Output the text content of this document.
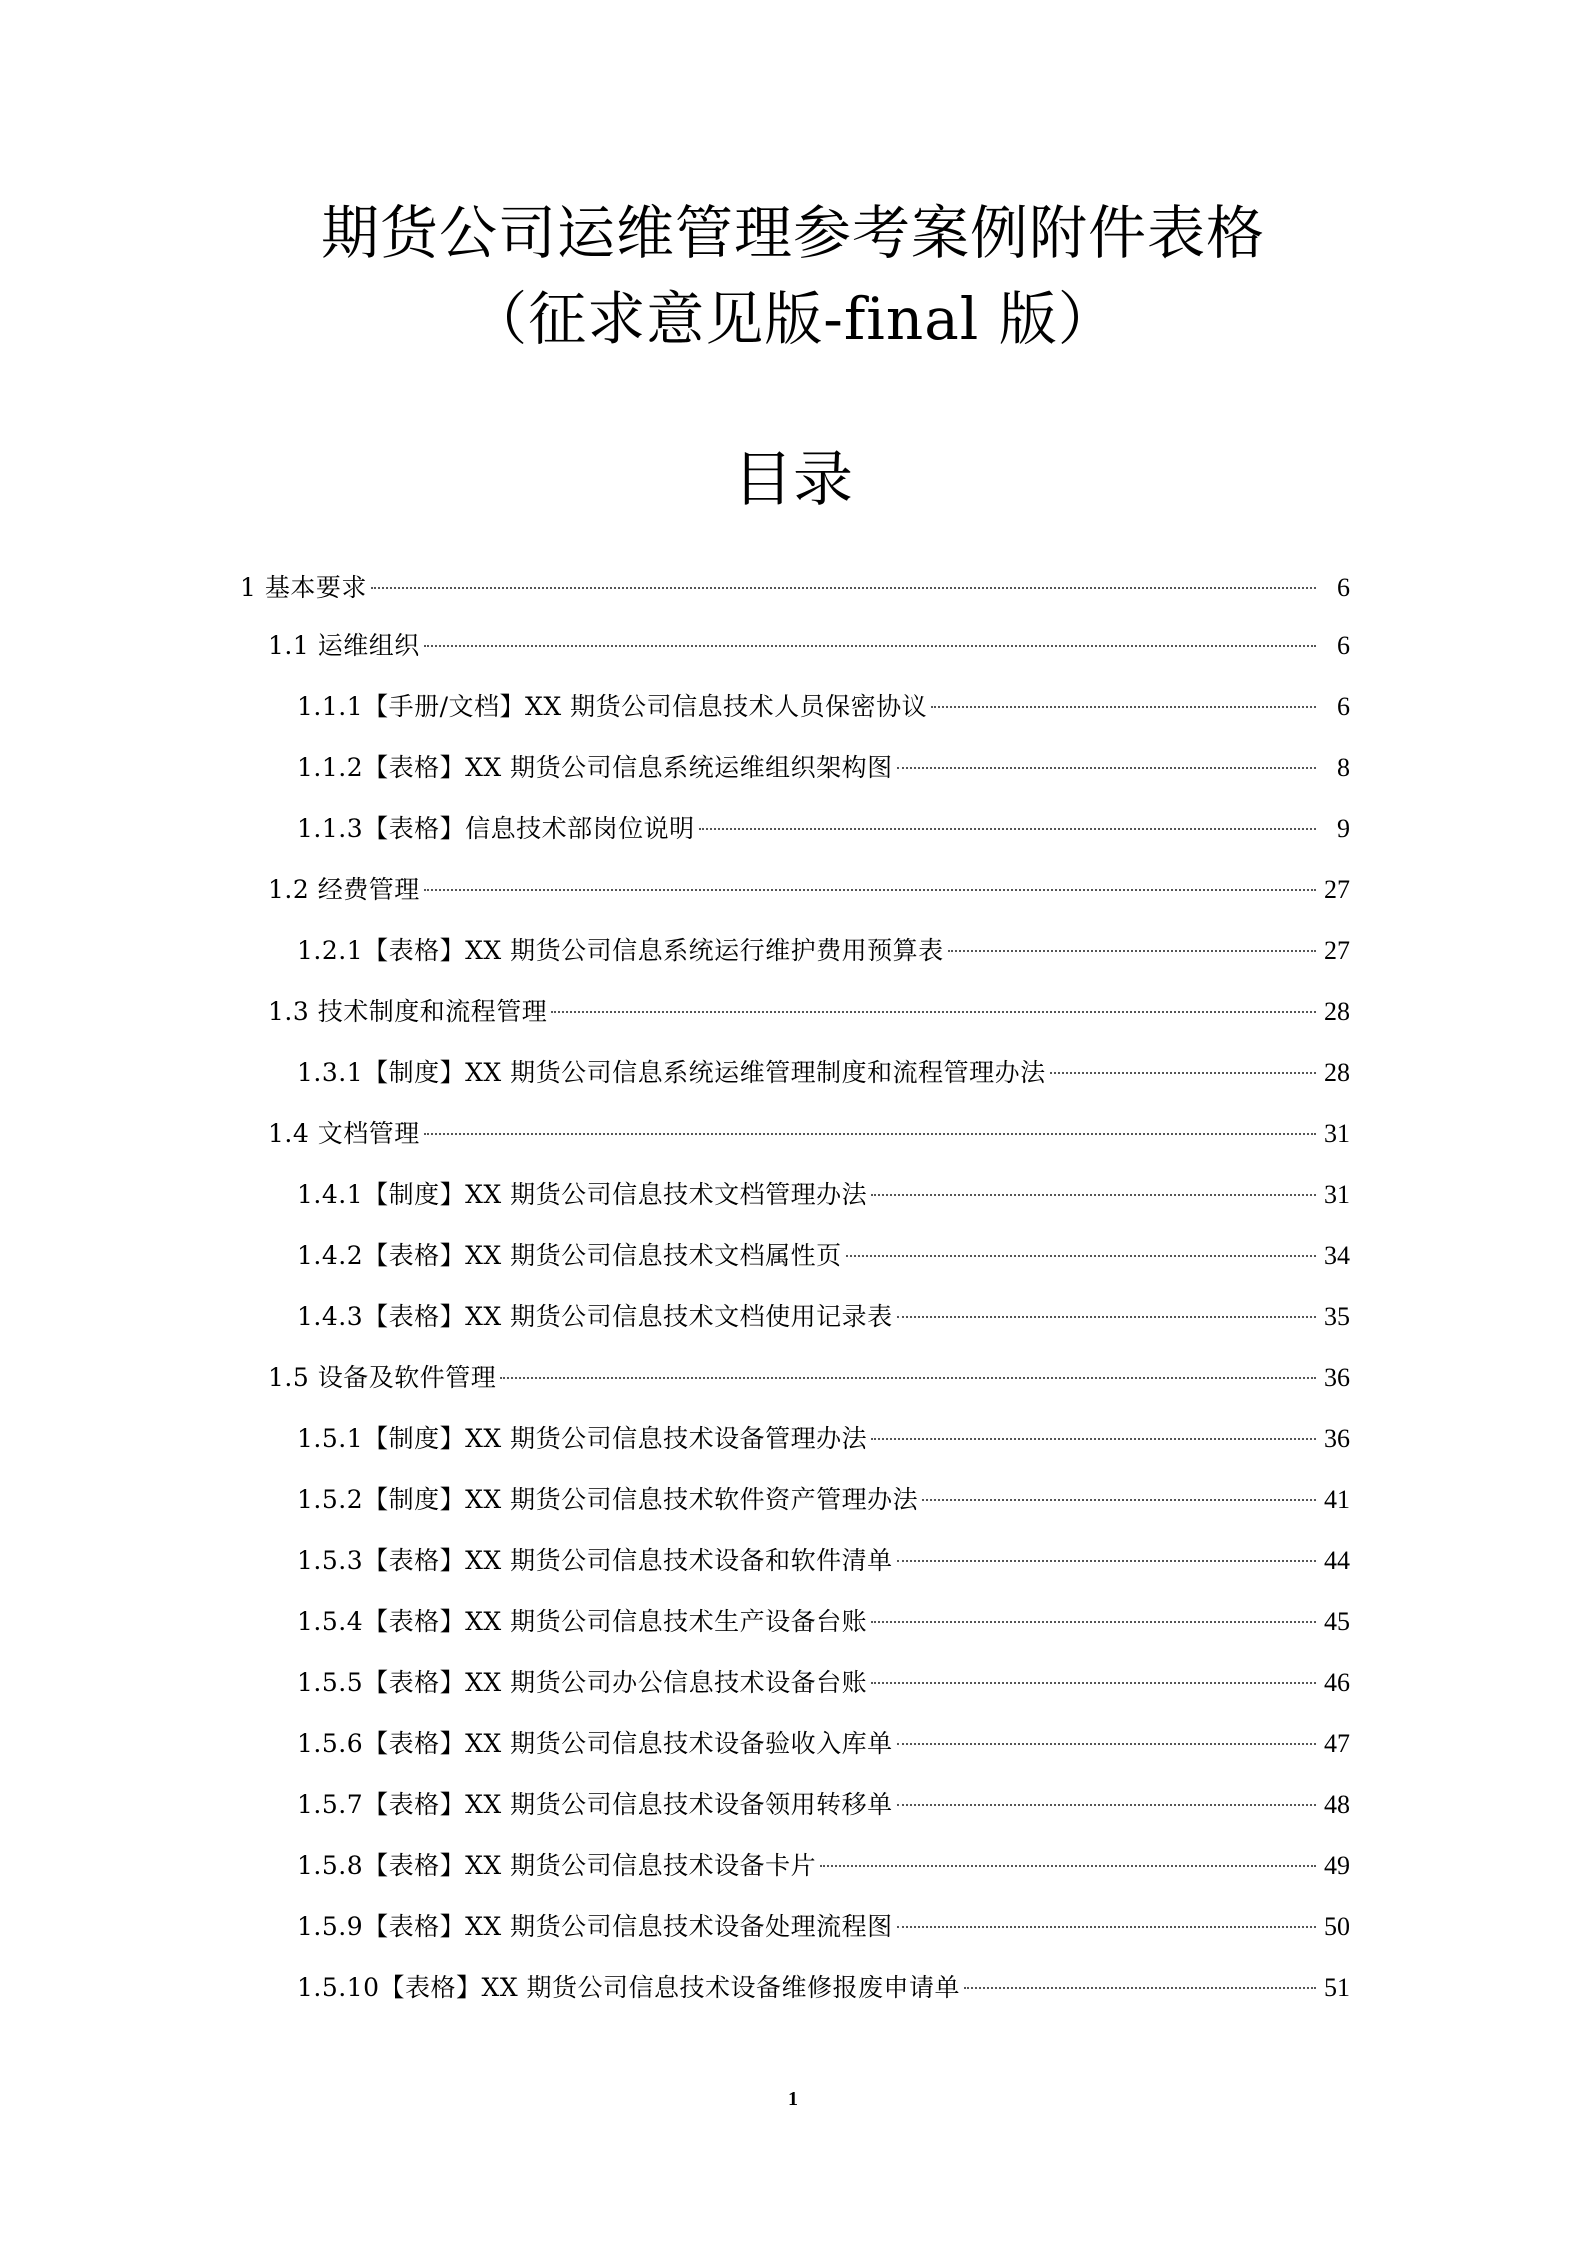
期货公司运维管理参考案例附件表格
（征求意见版-final 版）
目录
1 基本要求	6
1.1 运维组织	6
1.1.1【手册/文档】XX 期货公司信息技术人员保密协议	6
1.1.2【表格】XX 期货公司信息系统运维组织架构图	8
1.1.3【表格】信息技术部岗位说明	9
1.2 经费管理	27
1.2.1【表格】XX 期货公司信息系统运行维护费用预算表	27
1.3 技术制度和流程管理	28
1.3.1【制度】XX 期货公司信息系统运维管理制度和流程管理办法	28
1.4 文档管理	31
1.4.1【制度】XX 期货公司信息技术文档管理办法	31
1.4.2【表格】XX 期货公司信息技术文档属性页	34
1.4.3【表格】XX 期货公司信息技术文档使用记录表	35
1.5 设备及软件管理	36
1.5.1【制度】XX 期货公司信息技术设备管理办法	36
1.5.2【制度】XX 期货公司信息技术软件资产管理办法	41
1.5.3【表格】XX 期货公司信息技术设备和软件清单	44
1.5.4【表格】XX 期货公司信息技术生产设备台账	45
1.5.5【表格】XX 期货公司办公信息技术设备台账	46
1.5.6【表格】XX 期货公司信息技术设备验收入库单	47
1.5.7【表格】XX 期货公司信息技术设备领用转移单	48
1.5.8【表格】XX 期货公司信息技术设备卡片	49
1.5.9【表格】XX 期货公司信息技术设备处理流程图	50
1.5.10【表格】XX 期货公司信息技术设备维修报废申请单	51
1
